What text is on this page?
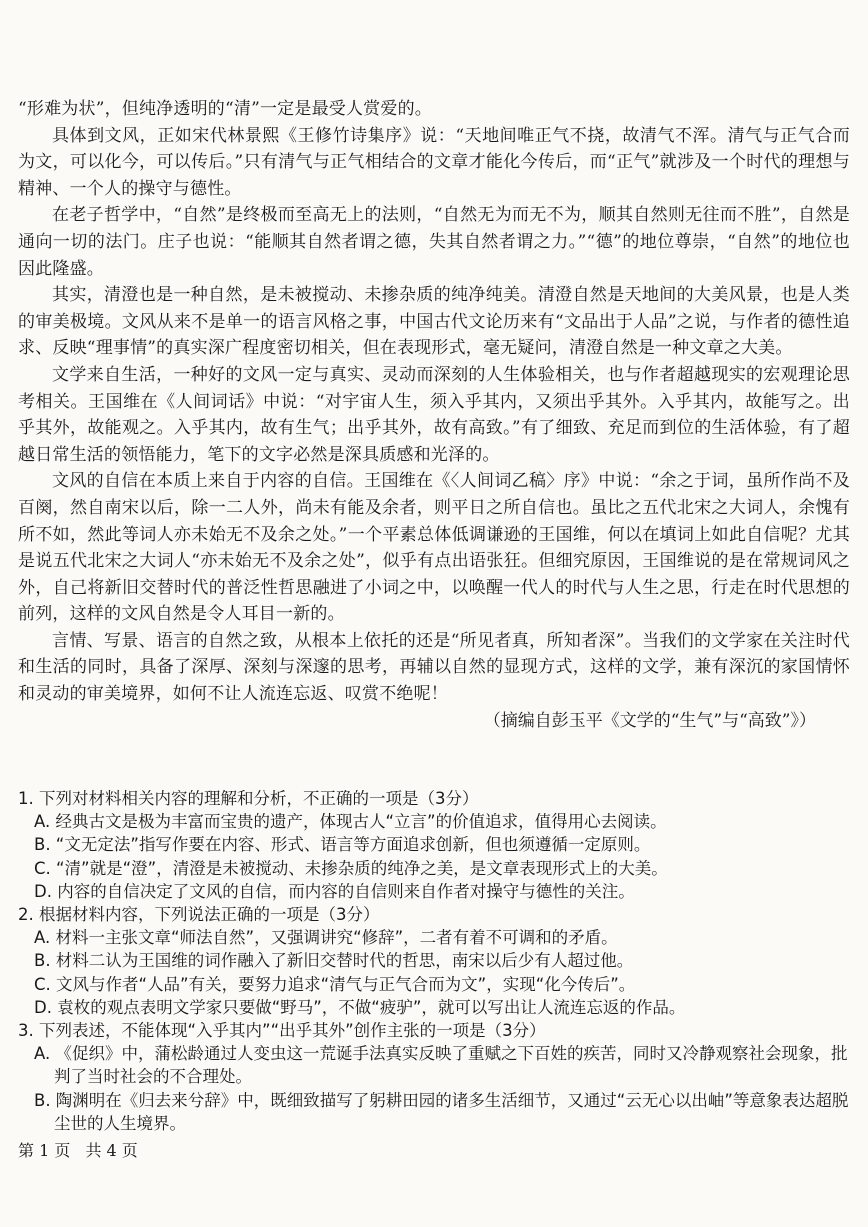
“形难为状”，但纯净透明的“清”一定是最受人赏爱的。

具体到文风，正如宋代林景熙《王修竹诗集序》说：“天地间唯正气不挠，故清气不浑。清气与正气合而为文，可以化今，可以传后。”只有清气与正气相结合的文章才能化今传后，而“正气”就涉及一个时代的理想与精神、一个人的操守与德性。

在老子哲学中，“自然”是终极而至高无上的法则，“自然无为而无不为，顺其自然则无往而不胜”，自然是通向一切的法门。庄子也说：“能顺其自然者谓之德，失其自然者谓之力。”“德”的地位尊崇，“自然”的地位也因此隆盛。

其实，清澄也是一种自然，是未被搅动、未掺杂质的纯净纯美。清澄自然是天地间的大美风景，也是人类的审美极境。文风从来不是单一的语言风格之事，中国古代文论历来有“文品出于人品”之说，与作者的德性追求、反映“理事情”的真实深广程度密切相关，但在表现形式，毫无疑问，清澄自然是一种文章之大美。

文学来自生活，一种好的文风一定与真实、灵动而深刻的人生体验相关，也与作者超越现实的宏观理论思考相关。王国维在《人间词话》中说：“对宇宙人生，须入乎其内，又须出乎其外。入乎其内，故能写之。出乎其外，故能观之。入乎其内，故有生气；出乎其外，故有高致。”有了细致、充足而到位的生活体验，有了超越日常生活的领悟能力，笔下的文字必然是深具质感和光泽的。

文风的自信在本质上来自于内容的自信。王国维在《〈人间词乙稿〉序》中说：“余之于词，虽所作尚不及百阕，然自南宋以后，除一二人外，尚未有能及余者，则平日之所自信也。虽比之五代北宋之大词人，余愧有所不如，然此等词人亦未始无不及余之处。”一个平素总体低调谦逊的王国维，何以在填词上如此自信呢？尤其是说五代北宋之大词人“亦未始无不及余之处”，似乎有点出语张狂。但细究原因，王国维说的是在常规词风之外，自己将新旧交替时代的普泛性哲思融进了小词之中，以唤醒一代人的时代与人生之思，行走在时代思想的前列，这样的文风自然是令人耳目一新的。

言情、写景、语言的自然之致，从根本上依托的还是“所见者真，所知者深”。当我们的文学家在关注时代和生活的同时，具备了深厚、深刻与深邃的思考，再辅以自然的显现方式，这样的文学，兼有深沉的家国情怀和灵动的审美境界，如何不让人流连忘返、叹赏不绝呢！

（摘编自彭玉平《文学的“生气”与“高致”》）

1. 下列对材料相关内容的理解和分析，不正确的一项是（3分）

A. 经典古文是极为丰富而宝贵的遗产，体现古人“立言”的价值追求，值得用心去阅读。

B. “文无定法”指写作要在内容、形式、语言等方面追求创新，但也须遵循一定原则。

C. “清”就是“澄”，清澄是未被搅动、未掺杂质的纯净之美，是文章表现形式上的大美。

D. 内容的自信决定了文风的自信，而内容的自信则来自作者对操守与德性的关注。

2. 根据材料内容，下列说法正确的一项是（3分）

A. 材料一主张文章“师法自然”，又强调讲究“修辞”，二者有着不可调和的矛盾。

B. 材料二认为王国维的词作融入了新旧交替时代的哲思，南宋以后少有人超过他。

C. 文风与作者“人品”有关，要努力追求“清气与正气合而为文”，实现“化今传后”。

D. 袁枚的观点表明文学家只要做“野马”，不做“疲驴”，就可以写出让人流连忘返的作品。

3. 下列表述，不能体现“入乎其内”“出乎其外”创作主张的一项是（3分）

A. 《促织》中，蒲松龄通过人变虫这一荒诞手法真实反映了重赋之下百姓的疾苦，同时又冷静观察社会现象，批判了当时社会的不合理处。

B. 陶渊明在《归去来兮辞》中，既细致描写了躬耕田园的诸多生活细节，又通过“云无心以出岫”等意象表达超脱尘世的人生境界。

第 1 页 共 4 页
